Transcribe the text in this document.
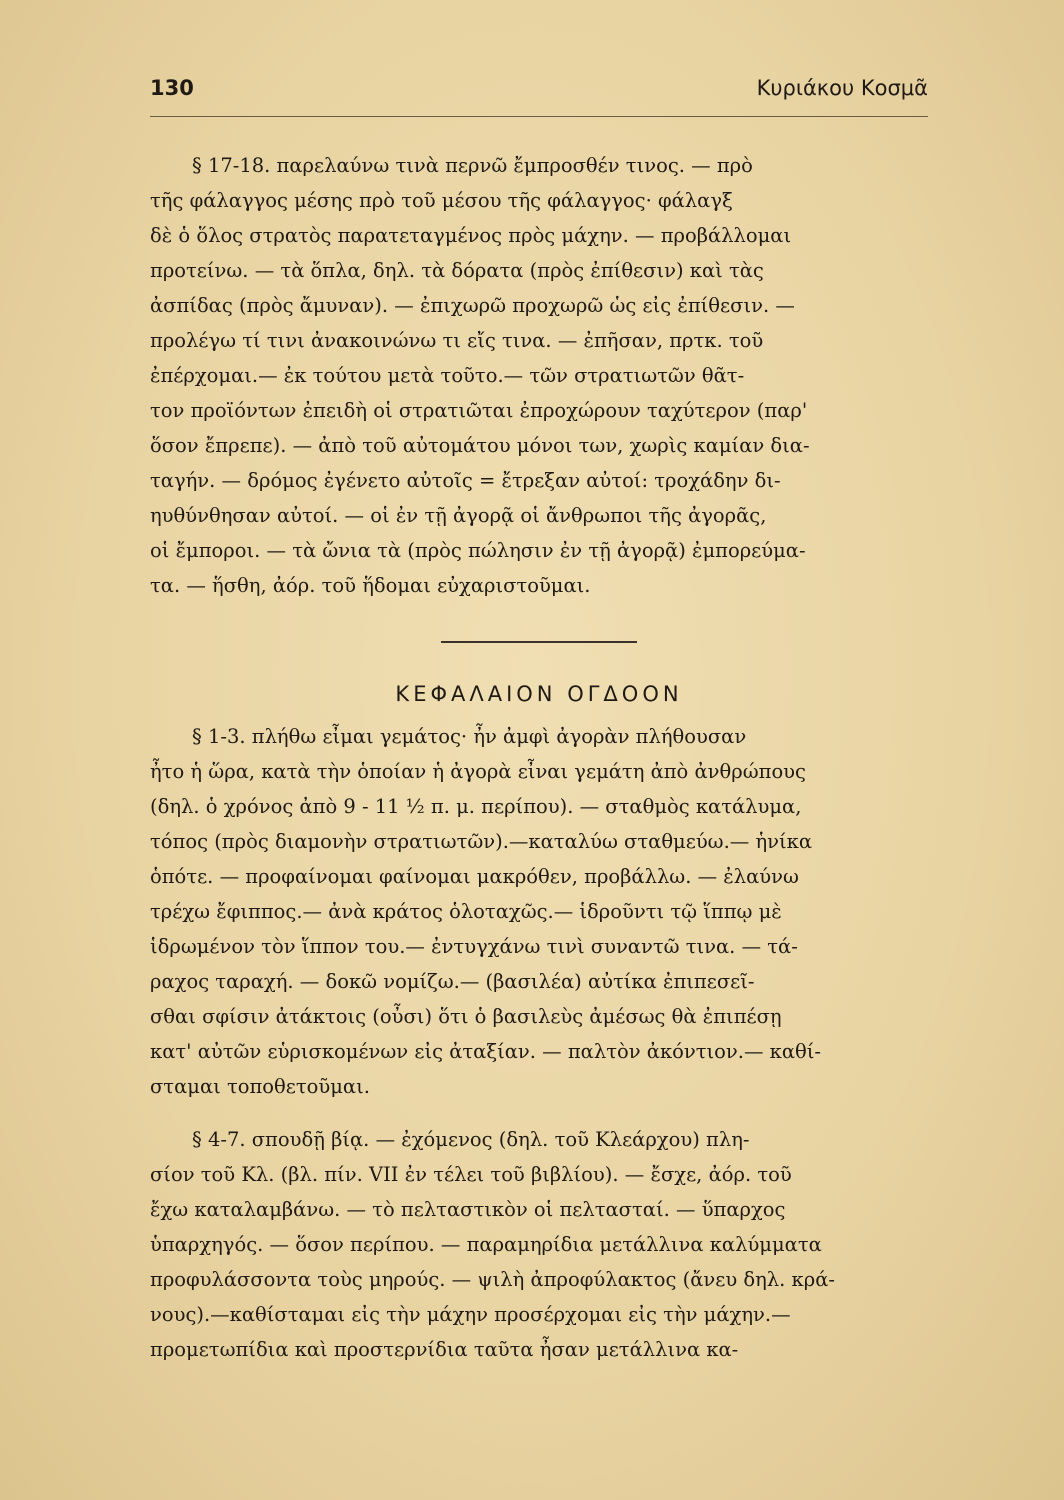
130	Κυριάκου Κοσμᾶ
§ 17-18. παρελαύνω τινὰ περνῶ ἔμπροσθέν τινος. — πρὸ
τῆς φάλαγγος μέσης πρὸ τοῦ μέσου τῆς φάλαγγος· φάλαγξ
δὲ ὁ ὅλος στρατὸς παρατεταγμένος πρὸς μάχην. — προβάλλομαι
προτείνω. — τὰ ὅπλα, δηλ. τὰ δόρατα (πρὸς ἐπίθεσιν) καὶ τὰς
ἀσπίδας (πρὸς ἄμυναν). — ἐπιχωρῶ προχωρῶ ὡς εἰς ἐπίθεσιν. —
προλέγω τί τινι ἀνακοινώνω τι εἴς τινα. — ἐπῆσαν, πρτκ. τοῦ
ἐπέρχομαι.— ἐκ τούτου μετὰ τοῦτο.— τῶν στρατιωτῶν θᾶτ-
τον προϊόντων ἐπειδὴ οἱ στρατιῶται ἐπροχώρουν ταχύτερον (παρ'
ὅσον ἔπρεπε). — ἀπὸ τοῦ αὐτομάτου μόνοι των, χωρὶς καμίαν δια-
ταγήν. — δρόμος ἐγένετο αὐτοῖς = ἔτρεξαν αὐτοί: τροχάδην δι-
ηυθύνθησαν αὐτοί. — οἱ ἐν τῇ ἀγορᾷ οἱ ἄνθρωποι τῆς ἀγορᾶς,
οἱ ἔμποροι. — τὰ ὤνια τὰ (πρὸς πώλησιν ἐν τῇ ἀγορᾷ) ἐμπορεύμα-
τα. — ἥσθη, ἀόρ. τοῦ ἥδομαι εὐχαριστοῦμαι.
ΚΕΦΑΛΑΙΟΝ ΟΓΔΟΟΝ
§ 1-3. πλήθω εἶμαι γεμάτος· ἦν ἀμφὶ ἀγορὰν πλήθουσαν
ἦτο ἡ ὥρα, κατὰ τὴν ὁποίαν ἡ ἀγορὰ εἶναι γεμάτη ἀπὸ ἀνθρώπους
(δηλ. ὁ χρόνος ἀπὸ 9 - 11 ½ π. μ. περίπου). — σταθμὸς κατάλυμα,
τόπος (πρὸς διαμονὴν στρατιωτῶν).—καταλύω σταθμεύω.— ἡνίκα
ὁπότε. — προφαίνομαι φαίνομαι μακρόθεν, προβάλλω. — ἐλαύνω
τρέχω ἔφιππος.— ἀνὰ κράτος ὁλοταχῶς.— ἱδροῦντι τῷ ἵππῳ μὲ
ἱδρωμένον τὸν ἵππον του.— ἐντυγχάνω τινὶ συναντῶ τινα. — τά-
ραχος ταραχή. — δοκῶ νομίζω.— (βασιλέα) αὐτίκα ἐπιπεσεῖ-
σθαι σφίσιν ἀτάκτοις (οὖσι) ὅτι ὁ βασιλεὺς ἀμέσως θὰ ἐπιπέσῃ
κατ' αὐτῶν εὑρισκομένων εἰς ἀταξίαν. — παλτὸν ἀκόντιον.— καθί-
σταμαι τοποθετοῦμαι.
§ 4-7. σπουδῇ βίᾳ. — ἐχόμενος (δηλ. τοῦ Κλεάρχου) πλη-
σίον τοῦ Κλ. (βλ. πίν. VII ἐν τέλει τοῦ βιβλίου). — ἔσχε, ἀόρ. τοῦ
ἔχω καταλαμβάνω. — τὸ πελταστικὸν οἱ πελτασταί. — ὕπαρχος
ὑπαρχηγός. — ὅσον περίπου. — παραμηρίδια μετάλλινα καλύμματα
προφυλάσσοντα τοὺς μηρούς. — ψιλὴ ἀπροφύλακτος (ἄνευ δηλ. κρά-
νους).—καθίσταμαι εἰς τὴν μάχην προσέρχομαι εἰς τὴν μάχην.—
προμετωπίδια καὶ προστερνίδια ταῦτα ἦσαν μετάλλινα κα-
